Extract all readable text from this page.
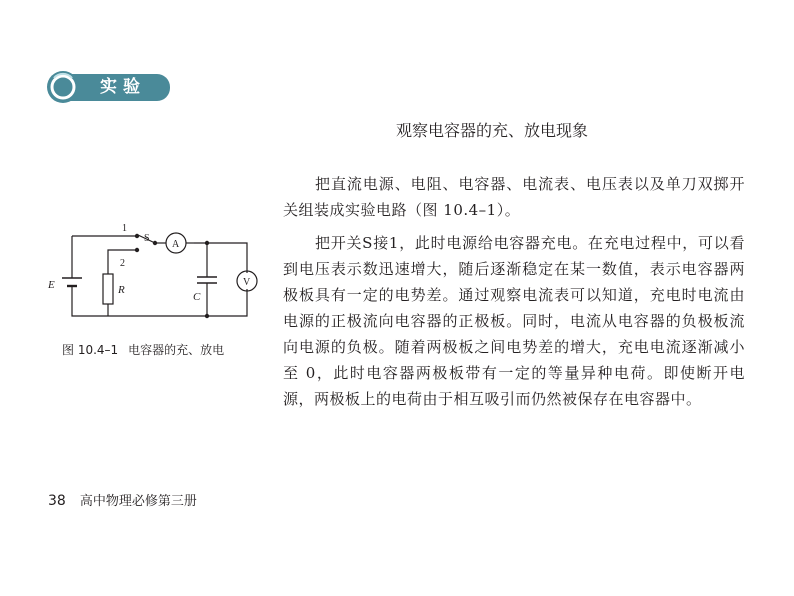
实验
观察电容器的充、放电现象

把直流电源、电阻、电容器、电流表、电压表以及单刀双掷开关组装成实验电路（图 10.4–1）。

把开关S接1，此时电源给电容器充电。在充电过程中，可以看到电压表示数迅速增大，随后逐渐稳定在某一数值，表示电容器两极板具有一定的电势差。通过观察电流表可以知道，充电时电流由电源的正极流向电容器的正极板。同时，电流从电容器的负极板流向电源的负极。随着两极板之间电势差的增大，充电电流逐渐减小至 0，此时电容器两极板带有一定的等量异种电荷。即使断开电源，两极板上的电荷由于相互吸引而仍然被保存在电容器中。

E	R
C
S
1
2
A
V
图 10.4–1 电容器的充、放电
38 高中物理必修第三册
